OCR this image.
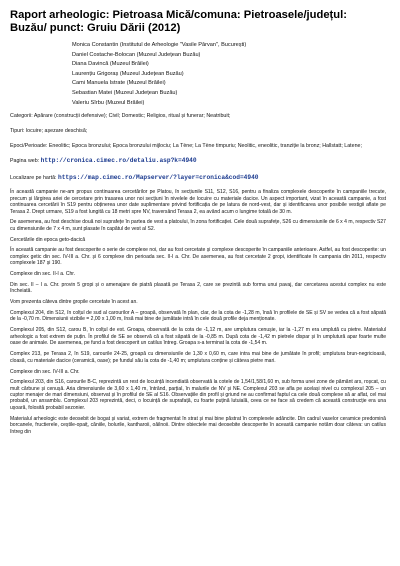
Raport arheologic: Pietroasa Mică/comuna: Pietroasele/județul: Buzău/ punct: Gruiu Dării (2012)
Monica Constantin (Institutul de Arheologie "Vasile Pârvan", București)
Daniel Costache-Bolocan (Muzeul Județean Buzău)
Diana Davincă (Muzeul Brăilei)
Laurențiu Grigoraș (Muzeul Județean Buzău)
Cami Manuela Istrate (Muzeul Brăilei)
Sebastian Matei (Muzeul Județean Buzău)
Valeriu Sîrbu (Muzeul Brăilei)
Categorii: Apărare (construcții defensive); Civil; Domestic; Religios, ritual și funerar; Neatribuit;
Tipuri: locuire; așezare deschisă;
Epoci/Perioade: Eneolitic; Epoca bronzului; Epoca bronzului mijlociu; La Tène; La Tène timpuriu; Neolitic, eneolitic, tranziție la bronz; Hallstatt; Latene;
Pagina web: http://cronica.cimec.ro/detaliu.asp?k=4940
Localizare pe hartă: https://map.cimec.ro/Mapserver/?layer=cronica&cod=4940

În această campanie ne-am propus continuarea cercetărilor pe Platou, în secțiunile S11, S12, S16, pentru a finaliza complexele descoperite în campaniile trecute, precum și lărgirea ariei de cercetare prin trasarea unor noi secțiuni în nivelele de locuire cu materiale dacice. Un aspect important, vizat în această campanie, a fost continuarea cercetării în S19 pentru obținerea unor date suplimentare privind fortificația de pe latura de nord-vest, dar și identificarea unor posibile vestigii aflate pe Terasa 2. Drept urmare, S19 a fost lungită cu 18 metri spre NV, traversând Terasa 2, ea având acum o lungime totală de 30 m.

De asemenea, au fost deschise două noi suprafețe în partea de vest a platoului, în zona fortificației. Cele două suprafețe, S26 cu dimensiunile de 6 x 4 m, respectiv S27 cu dimensiunile de 7 x 4 m, sunt plasate în capătul de vest al S2.

Cercetările din epoca geto-dacică

În această campanie au fost descoperite o serie de complexe noi, dar au fost cercetate și complexe descoperite în campaniile anterioare. Astfel, au fost descoperite: un complex getic din sec. IV-III a. Chr. și 6 complexe din perioada sec. II-I a. Chr. De asemenea, au fost cercetate 2 gropi, identificate în campania din 2011, respectiv complexele 187 și 190.

Complexe din sec. II-I a. Chr.

Din sec. II – I a. Chr. provin 5 gropi și o amenajare de piatră plasată pe Terasa 2, care se prezintă sub forma unui pavaj, dar cercetarea acestui complex nu este încheiată.

Vom prezenta câteva dintre gropile cercetate în acest an.

Complexul 204, din S12, în colțul de sud al carourilor A – groapă, observată în plan, clar, de la cota de -1,28 m, însă în profilele de SE și SV se vedea că a fost săpată de la -0,70 m. Dimensiunii vizibile = 2,00 x 1,00 m, însă mai bine de jumătate intră în cele două profile deja menționate.

Complexul 205, din S12, carou B, în colțul de est. Groapa, observată de la cota de -1,12 m, are umplutura cenușie, iar la -1,27 m era umplută cu pietre. Materialul arheologic a fost extrem de puțin. În profilul de SE se observă că a fost săpată de la -0,85 m. După cota de -1,42 m pietrele dispar și în umplutură apar foarte multe oase de animale. De asemenea, pe fund a fost descoperit un catilus întreg. Groapa s-a terminat la cota de -1,54 m.

Complex 213, pe Terasa 2, în S19, carourile 24-25, groapă cu dimensiunile de 1,30 x 0,60 m, care intra mai bine de jumătate în profil; umplutura brun-negricioasă, cloasă, cu materiale dacice (ceramică, oase); pe fundul său la cota de -1,40 m; umplutura conține și câteva pietre mari.

Complexe din sec. IV-III a. Chr.

Complexul 203, din S16, carourile B-C, reprezintă un rest de locuință incendiată observată la cotele de 1,54/1,58/1,60 m, sub forma unei zone de pământ ars, roșcat, cu mult cărbune și cenușă. Aria dimensiunile de 3,60 x 1,40 m, întrând, parțial, în malurile de NV și NE. Complexul 203 se afla pe același nivel cu complexul 205 – un cuptor menajer de mari dimensiuni, observat și în profilul de SE al S16. Observațiile din profil și griund ne au confirmat faptul ca cele două complexe să ar aflat, cel mai probabil, un ansamblu. Complexul 203 reprezintă, deci, o locuință de suprafață, cu foarte puțină lutuială, ceea ce ne face să credem că această construcție era una ușoară, folosită probabil sezonier.

Materialul arheologic este deosebit de bogat și variat, extrem de fragmentat în strat și mai bine păstrat în complexele adâncite. Din cadrul vaselor ceramice predomină borcanele, fructierele, ceștile-opaiț, căniile, bolurile, kantharoii, oăilnoii. Dintre obiectele mai deosebite descoperite în această campanie notăm doar câteva: un catilus întreg din
